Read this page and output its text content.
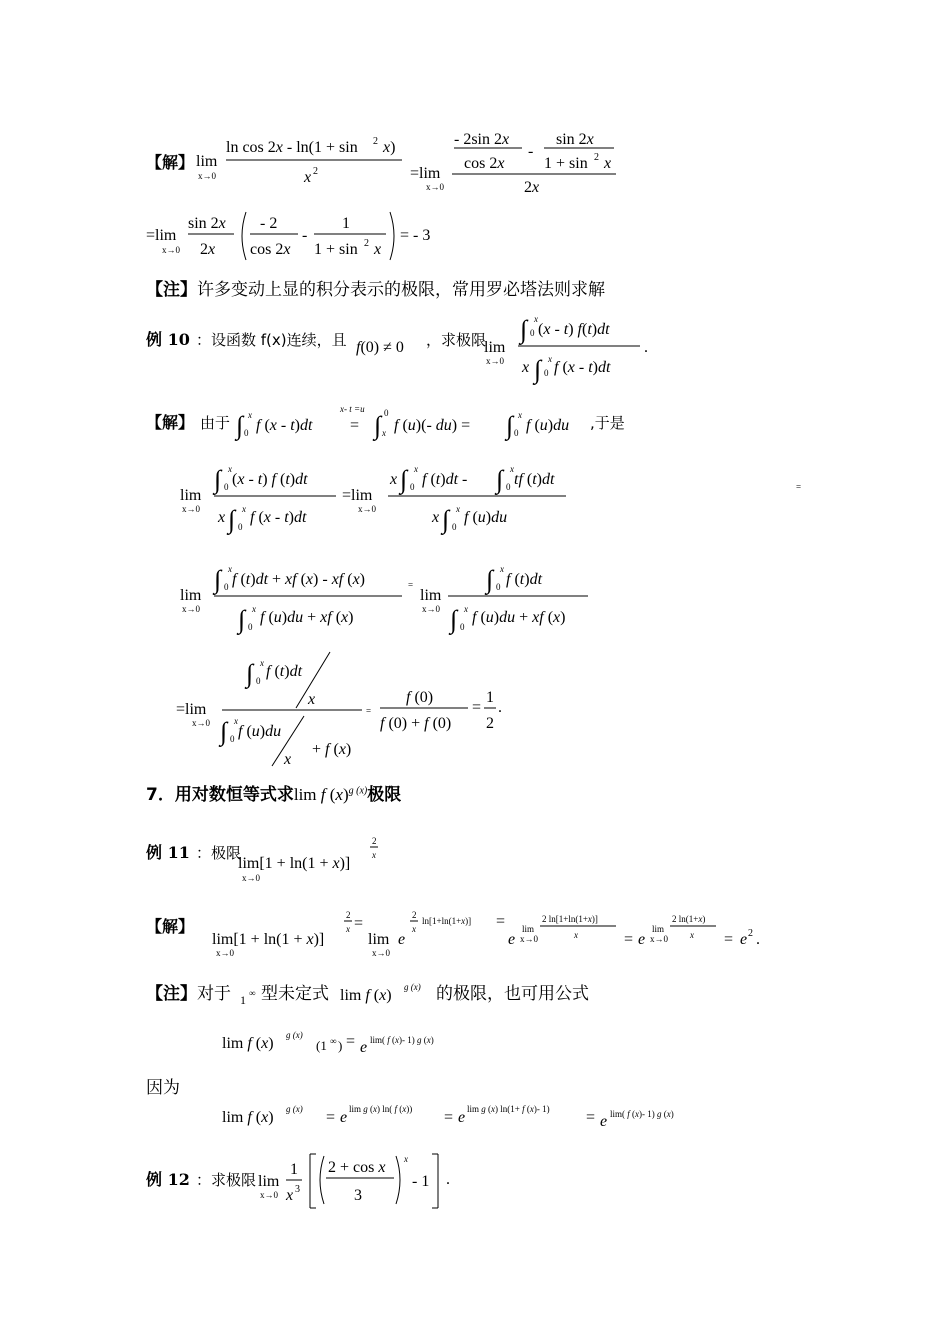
【解】 lim
x→0
ln cos 2x - ln(1 + sin 2 x)
x 2	=lim
x→0
- 2sin 2x
cos 2x
-
sin 2x
1 + sin 2 x
2x
=lim
x→0
sin 2x
2x
- 2
cos 2x
-
1
1 + sin 2 x
= - 3
【注】许多变动上显的积分表示的极限，常用罗必塔法则求解
例 10 ：设函数 f(x)连续，且 f(0) ≠ 0 ，求极限
lim
x→0
∫ x
0 (x - t) f(t)dt
x ∫ x
0 f (x - t)dt
.
【解】 由于 ∫ x
0 f (x - t)dt
x- t =u
= ∫ 0
x f (u)(- du) = ∫ x
0 f (u)du ,于是
lim
x→0
∫ x
0 (x - t) f (t)dt
x ∫ x
0
f (x - t)dt
=lim
x→0
x ∫ x
0 f (t)dt - ∫ x
0 tf (t)dt
x ∫ x
0
f (u)du
=
lim
x→0
∫ x
0 f (t)dt + xf (x) - xf (x)
∫ x
0
f (u)du + xf (x)
=
lim
x→0
∫ x
0 f (t)dt
∫ x
0
f (u)du + xf (x)
=lim
x→0
∫ x
0
f (t)dt
x
∫ x
0 f (u)du
x
+ f (x)
=
f (0)
f (0) + f (0)
=
1
2
.
7．用对数恒等式求lim f $(x)^{g (x)}$极限
例 11 ：极限
lim[1 + ln(1 + x)]
x→0
2
x
【解】
lim[1 + ln(1 + x)]
x→0
2
x =
lim
x→0
e
2
x
ln[1+ln(1+x)] =
e
lim
x→0
2 ln[1+ln(1+x)]
x	= e
lim
x→0
2 ln(1+x)
x = e 2 .
【注】对于 1 ∞ 型未定式 lim f (x) g (x) 的极限，也可用公式
lim f (x) g (x)
(1 ∞ ) = e lim( f (x)- 1) g (x)
因为
lim f (x) g (x) = e lim g (x) ln( f (x)) = e lim g (x) ln(1+ f (x)- 1) = e lim( f (x)- 1) g (x)
例 12 ：求极限 lim
x→0
1
x 3
2 + cos x
3
x
- 1 .
